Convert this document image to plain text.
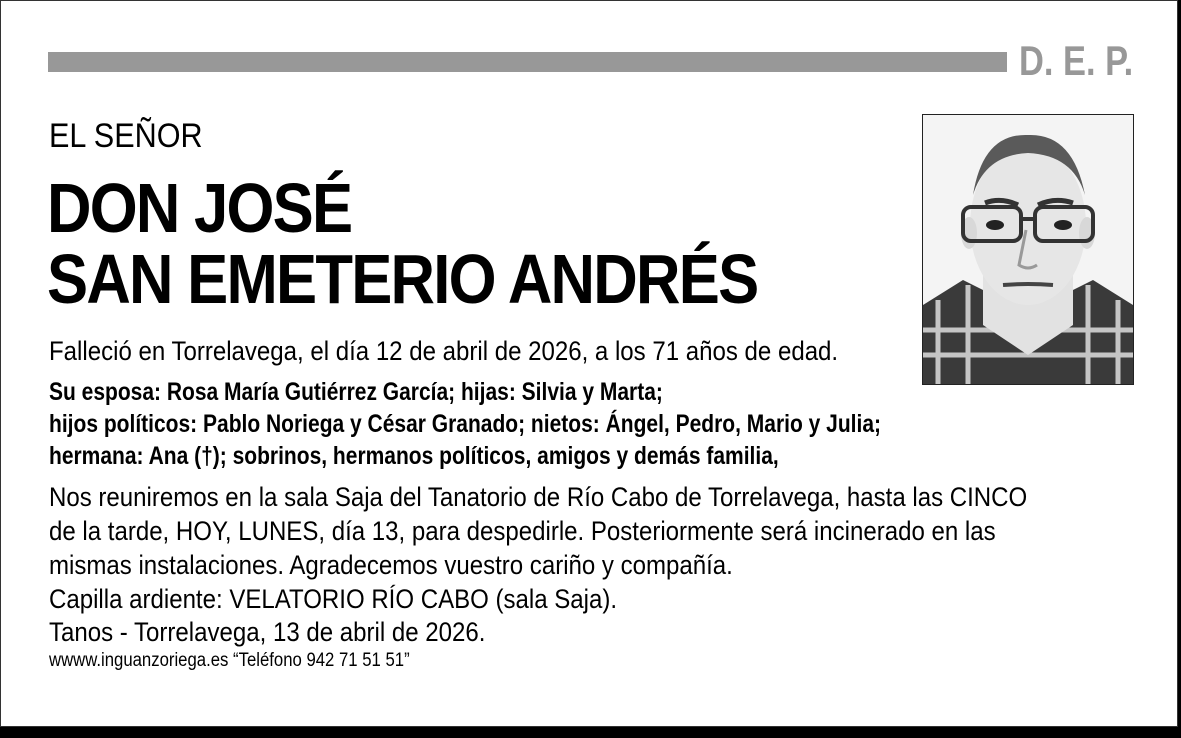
D. E. P.
EL SEÑOR
DON JOSÉ
SAN EMETERIO ANDRÉS
Falleció en Torrelavega, el día 12 de abril de 2026, a los 71 años de edad.
Su esposa: Rosa María Gutiérrez García; hijas: Silvia y Marta;
hijos políticos: Pablo Noriega y César Granado; nietos: Ángel, Pedro, Mario y Julia;
hermana: Ana (†); sobrinos, hermanos políticos, amigos y demás familia,
Nos reuniremos en la sala Saja del Tanatorio de Río Cabo de Torrelavega, hasta las CINCO
de la tarde, HOY, LUNES, día 13, para despedirle. Posteriormente será incinerado en las
mismas instalaciones. Agradecemos vuestro cariño y compañía.
Capilla ardiente: VELATORIO RÍO CABO (sala Saja).
Tanos - Torrelavega, 13 de abril de 2026.
wwww.inguanzoriega.es “Teléfono 942 71 51 51”
